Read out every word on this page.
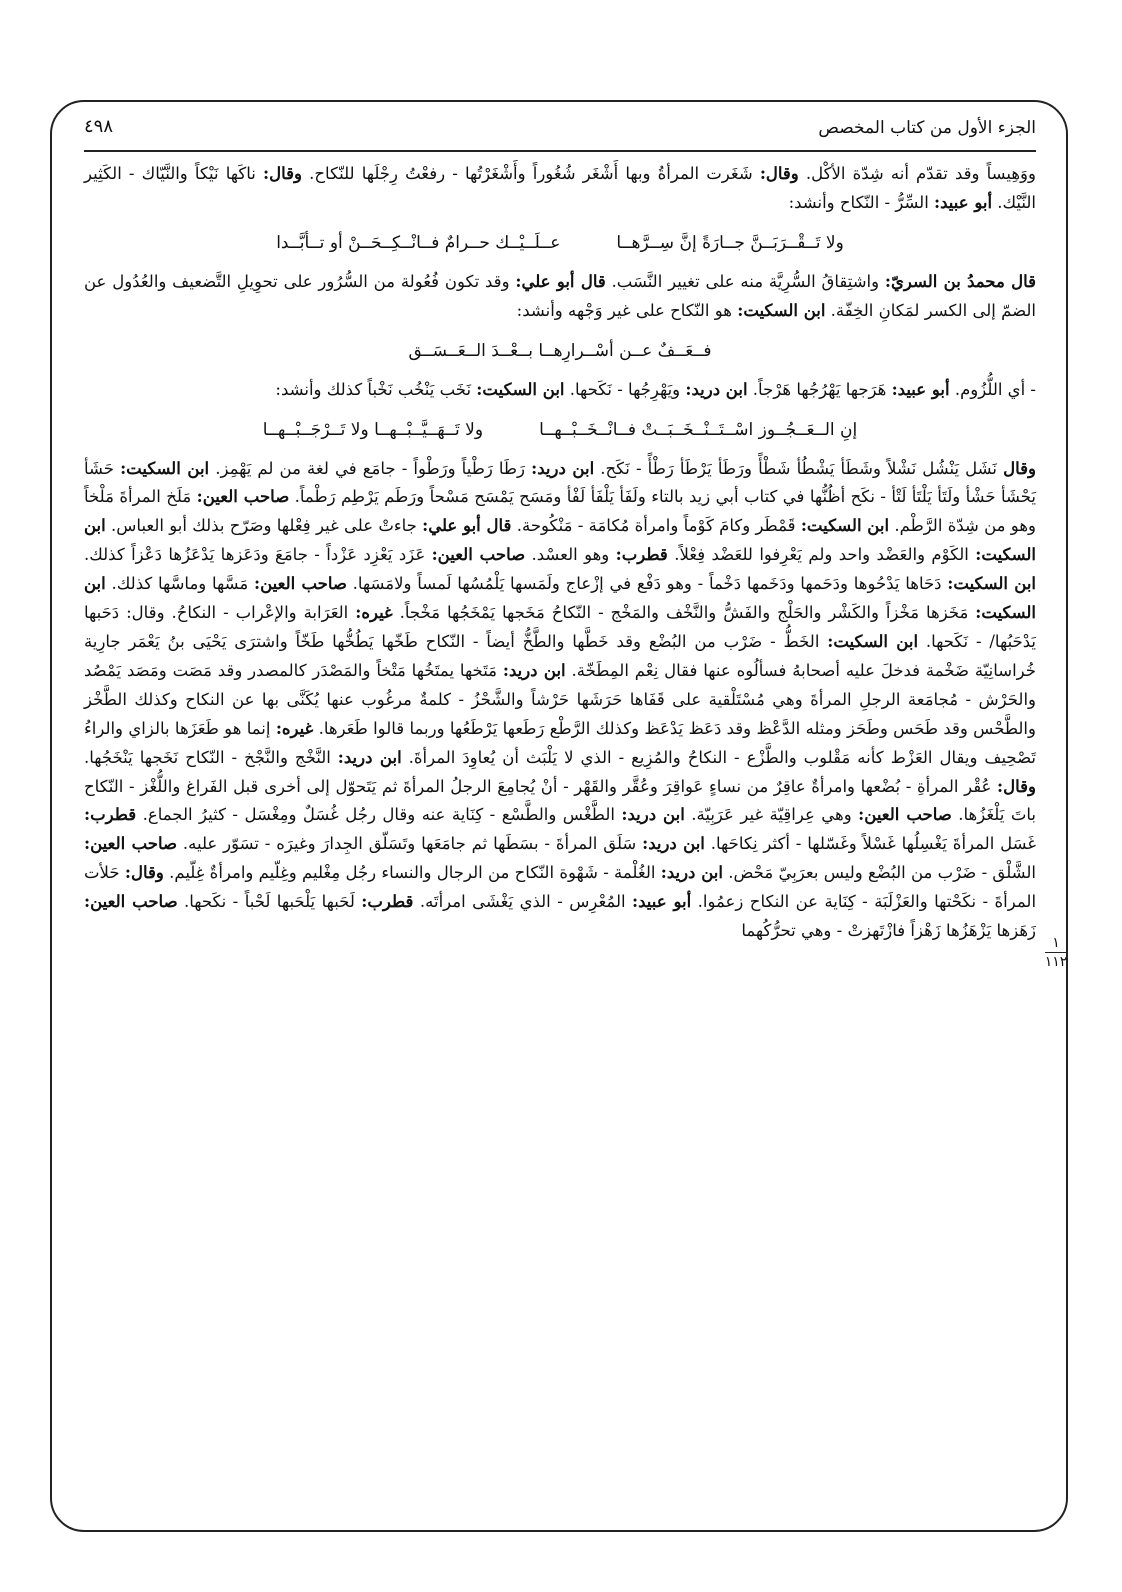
الجزء الأول من كتاب المخصص
٤٩٨

ووَهِيساً وقد تقدّم أنه شِدّة الأكْل. وقال: شَغَرت المرأةُ وبها أَشْغَر شُغُوراً وأَشْغَرْتُها - رفعْتُ رِجْلَها للنّكاح. وقال: ناكَها نَيْكاً والنَّيّاك - الكَثِير النَّيْك. أبو عبيد: السِّرُّ - النّكاح وأنشد:

ولا تَــقْــرَبَــنَّ جــارَةً إنَّ سِــرَّهــا
عــلَــيْــك حــرامٌ فــانْــكِــحَــنْ أو تــأبَّــدا

قال محمدُ بن السريّ: واشتِقاقُ السُّرِيَّة منه على تغيير النَّسَب. قال أبو علي: وقد تكون فُعُولة من السُّرُور على تحوِيلِ التَّضعيف والعُدُول عن الضمّ إلى الكسر لمَكانِ الخِفّة. ابن السكيت: هو النّكاح على غير وَجْهه وأنشد:

فــعَــفٌ عــن أسْــرارِهــا بــعْــدَ الــعَــسَــق

- أي اللُّزُوم. أبو عبيد: هَرَجها يَهْرُجُها هَرْجاً. ابن دريد: ويَهْرِجُها - نَكَحها. ابن السكيت: نَخَب يَنْخُب نَخْباً كذلك وأنشد:

إنِ الــعَــجُــوز اسْــتَــنْــخَــبَــتْ فــانْــخَــبْــهــا
ولا تَــهَــيَّــبْــهــا ولا تَــرْجَــبْــهــا

وقال نَشَل يَنْشُل نَشْلاً وشَطَأ يَشْطُأ شَطْأً ورَطَأ يَرْطَأ رَطْأً - نَكَح. ابن دريد: رَطَا رَطْياً ورَطْواً - جامَع في لغة من لم يَهْمِز. ابن السكيت: حَشَأ يَحْشَأ حَشْأ ولَتَأ يَلْتَأ لَتْأ - نكَح أظُنُّها في كتاب أبي زيد بالتاء ولَفَأ يَلْفَأ لَفْأ ومَسَح يَمْسَح مَسْحاً ورَطَم يَرْطِم رَطْماً. صاحب العين: مَلَخ المرأةَ مَلْخاً وهو من شِدّة الرَّطْم. ابن السكيت: قَمْطَر وكامَ كَوْماً وامرأة مُكامَة - مَنْكُوحة. قال أبو علي: جاءتْ على غير فِعْلها وصَرّح بذلك أبو العباس. ابن السكيت: الكَوْم والعَضْد واحد ولم يَعْرِفوا للعَضْد فِعْلاً. قطرب: وهو العسْد. صاحب العين: عَزَد يَعْزِد عَزْداً - جامَعَ ودَعَزها يَدْعَزُها دَعْزاً كذلك. ابن السكيت: دَحَاها يَدْحُوها ودَحَمها ودَخَمها دَخْماً - وهو دَفْع في إزْعاج ولَمَسها يَلْمُسُها لَمساً ولامَسَها. صاحب العين: مَسَّها وماسَّها كذلك. ابن السكيت: مَخَزها مَخْزاً والكَشْر والحَلْج والفَشُّ والنَّخْف والمَخْج - النّكاحُ مَخَجها يَمْخَجُها مَخْجاً. غيره: العَرَابة والإعْراب - النكاحُ. وقال: دَحَبها يَدْحَبُها/ - نَكَحها. ابن السكيت: الخَطُّ - ضَرْب من البُضْع وقد خَطَّها والطَّخُّ أيضاً - النّكاح طَخّها يَطُخُّها طَخّاً واشترَى يَحْيَى بنُ يَعْمَر جارِية خُراسانِيّة ضَخْمة فدخلَ عليه أصحابهُ فسألُوه عنها فقال نِعْم المِطَخّة. ابن دريد: مَتَخها يمتَخُها مَتْخاً والمَصْدَر كالمصدر وقد مَصَت ومَصَد يَمْصُد والحَرْش - مُجامَعة الرجلِ المرأةَ وهي مُسْتَلْقية على قَفَاها حَرَشَها حَرْشاً والشَّحْزُ - كلمةٌ مرغُوب عنها يُكَنَّى بها عن النكاح وكذلك الطَّخْز والطَّحْس وقد طَحَس وطَحَز ومثله الدَّعْظ وقد دَعَظ يَدْعَظ وكذلك الرَّطْع رَطَعها يَرْطَعُها وربما قالوا طَعَرها. غيره: إنما هو طَعَزَها بالزاي والراءُ تَصْحِيف ويقال العَزْط كأنه مَقْلوب والطَّزْع - النكاحُ والمُزِيع - الذي لا يَلْبَث أن يُعاوِدَ المرأةَ. ابن دريد: النَّخْج والنَّجْخ - النّكاح نَخَجها يَنْخَجُها. وقال: عُقْر المرأةِ - بُضْعها وامرأةٌ عاقِرٌ من نساءٍ عَواقِرَ وعُقَّر والقَهْر - أنْ يُجامِعَ الرجلُ المرأةَ ثم يَتَحوّل إلى أخرى قبل الفَراغ واللُّغْز - النّكاح باتَ يَلْغَزُها. صاحب العين: وهي عِراقِيّة غير عَرَبِيّة. ابن دريد: الطَّغْس والطَّسْع - كِنَاية عنه وقال رجُل غُسَلٌ ومِغْسَل - كثيرُ الجماع. قطرب: غَسَل المرأةَ يَغْسِلُها غَسْلاً وغَسّلها - أكثر نِكاحَها. ابن دريد: سَلَق المرأةَ - بسَطَها ثم جامَعَها وتَسَلّق الجِدارَ وغيرَه - تسَوّر عليه. صاحب العين: الشَّلْق - ضَرْب من البُضْع وليس بعرَبِيّ مَحْض. ابن دريد: الغُلْمة - شَهْوة النّكاح من الرجال والنساء رجُل مِغْليم وغِلّيم وامرأةٌ غِلّيم. وقال: حَلأت المرأةَ - نكَحْتها والعَزْلَبَة - كِنَاية عن النكاح زعمُوا. أبو عبيد: المُعْرِس - الذي يَغْشَى امرأتَه. قطرب: لَحَبها يَلْحَبها لَحْباً - نكَحها. صاحب العين: زَهَزها يَزْهَزُها زَهْزاً فازْتَهزتْ - وهي تحرُّكُهما

١
١١٢
